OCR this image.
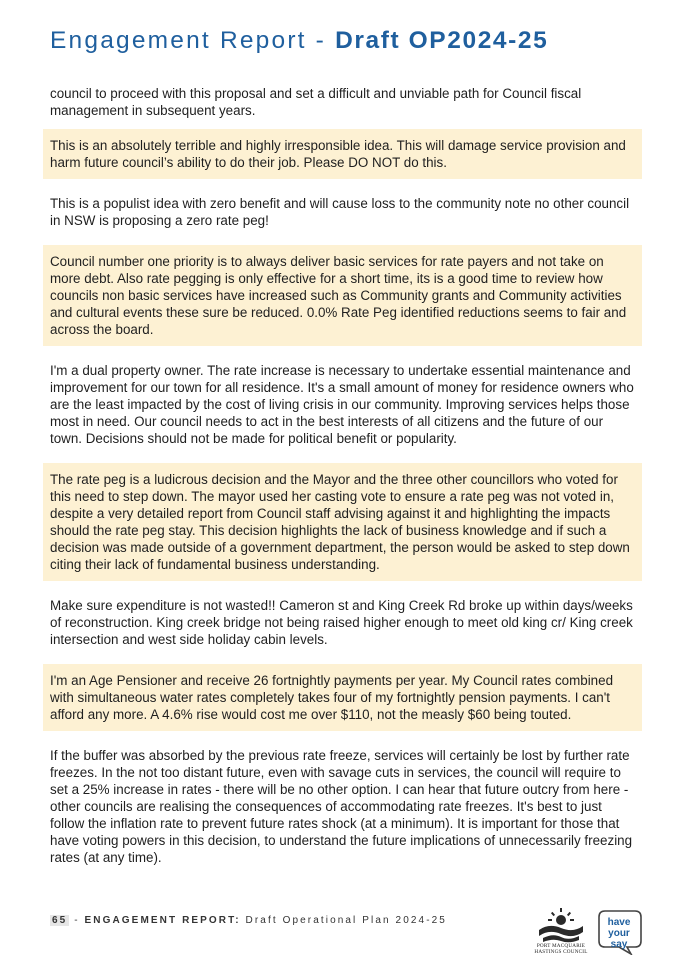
Engagement Report - Draft OP2024-25
council to proceed with this proposal and set a difficult and unviable path for Council fiscal management in subsequent years.
This is an absolutely terrible and highly irresponsible idea. This will damage service provision and harm future council’s ability to do their job. Please DO NOT do this.
This is a populist idea with zero benefit and will cause loss to the community note no other council in NSW is proposing a zero rate peg!
Council number one priority is to always deliver basic services for rate payers and not take on more debt. Also rate pegging is only effective for a short time, its is a good time to review how councils non basic services have increased such as Community grants and Community activities and cultural events these sure be reduced. 0.0% Rate Peg identified reductions seems to fair and across the board.
I'm a dual property owner. The rate increase is necessary to undertake essential maintenance and improvement for our town for all residence. It's a small amount of money for residence owners who are the least impacted by the cost of living crisis in our community. Improving services helps those most in need. Our council needs to act in the best interests of all citizens and the future of our town. Decisions should not be made for political benefit or popularity.
The rate peg is a ludicrous decision and the Mayor and the three other councillors who voted for this need to step down. The mayor used her casting vote to ensure a rate peg was not voted in, despite a very detailed report from Council staff advising against it and highlighting the impacts should the rate peg stay. This decision highlights the lack of business knowledge and if such a decision was made outside of a government department, the person would be asked to step down citing their lack of fundamental business understanding.
Make sure expenditure is not wasted!! Cameron st and King Creek Rd broke up within days/weeks of reconstruction. King creek bridge not being raised higher enough to meet old king cr/ King creek intersection and west side holiday cabin levels.
I'm an Age Pensioner and receive 26 fortnightly payments per year. My Council rates combined with simultaneous water rates completely takes four of my fortnightly pension payments. I can't afford any more. A 4.6% rise would cost me over $110, not the measly $60 being touted.
If the buffer was absorbed by the previous rate freeze, services will certainly be lost by further rate freezes. In the not too distant future, even with savage cuts in services, the council will require to set a 25% increase in rates - there will be no other option. I can hear that future outcry from here - other councils are realising the consequences of accommodating rate freezes. It's best to just follow the inflation rate to prevent future rates shock (at a minimum). It is important for those that have voting powers in this decision, to understand the future implications of unnecessarily freezing rates (at any time).
65 - ENGAGEMENT REPORT: Draft Operational Plan 2024-25
PORT MACQUARIE
HASTINGS COUNCIL
have
your say
